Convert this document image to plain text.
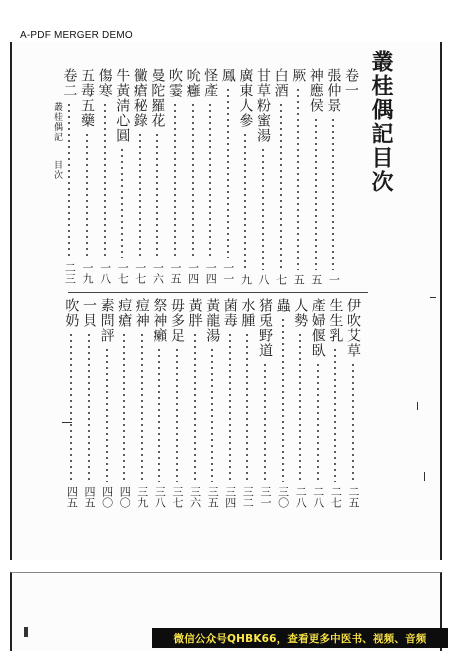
A-PDF MERGER DEMO
叢桂偶記目次
叢桂偶記目次
卷一
張仲景
一
神應侯
五
厥
五
白酒
七
甘草粉蜜湯
八
廣東人參
九
鳳
一一
怪產
一四
吮癰
一四
吹霎
一五
曼陀羅花
一六
黴瘡秘錄
一七
牛黃淸心圓
一七
傷寒
一八
五毒五藥
一九
卷二
二三
伊吹艾草
二五
生生乳
二七
產婦偃臥
二八
人勢
二八
蟲
三〇
猪兎野道
三一
水腫
三二
菌毒
三四
黃龍湯
三五
黃胖
三六
毋多足
三七
祭神癩
三八
痘神
三九
痘瘡
四〇
素問評
四〇
一貝
四五
吹奶
四五
微信公众号QHBK66，查看更多中医书、视频、音频
